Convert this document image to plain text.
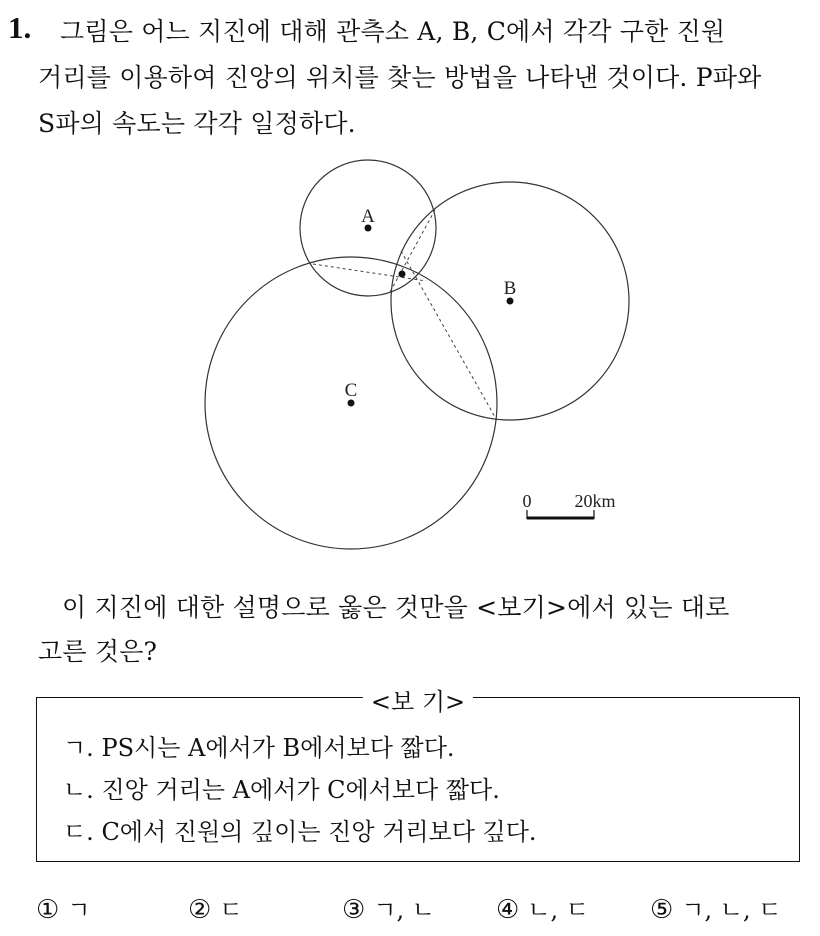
1. 그림은 어느 지진에 대해 관측소 A, B, C에서 각각 구한 진원
거리를 이용하여 진앙의 위치를 찾는 방법을 나타낸 것이다. P파와
S파의 속도는 각각 일정하다.
A
B
C
0 20km
이 지진에 대한 설명으로 옳은 것만을 <보기>에서 있는 대로
고른 것은?
<보 기>
ㄱ. PS시는 A에서가 B에서보다 짧다.
ㄴ. 진앙 거리는 A에서가 C에서보다 짧다.
ㄷ. C에서 진원의 깊이는 진앙 거리보다 깊다.
① ㄱ	② ㄷ	③ ㄱ, ㄴ ④ ㄴ, ㄷ ⑤ ㄱ, ㄴ, ㄷ
